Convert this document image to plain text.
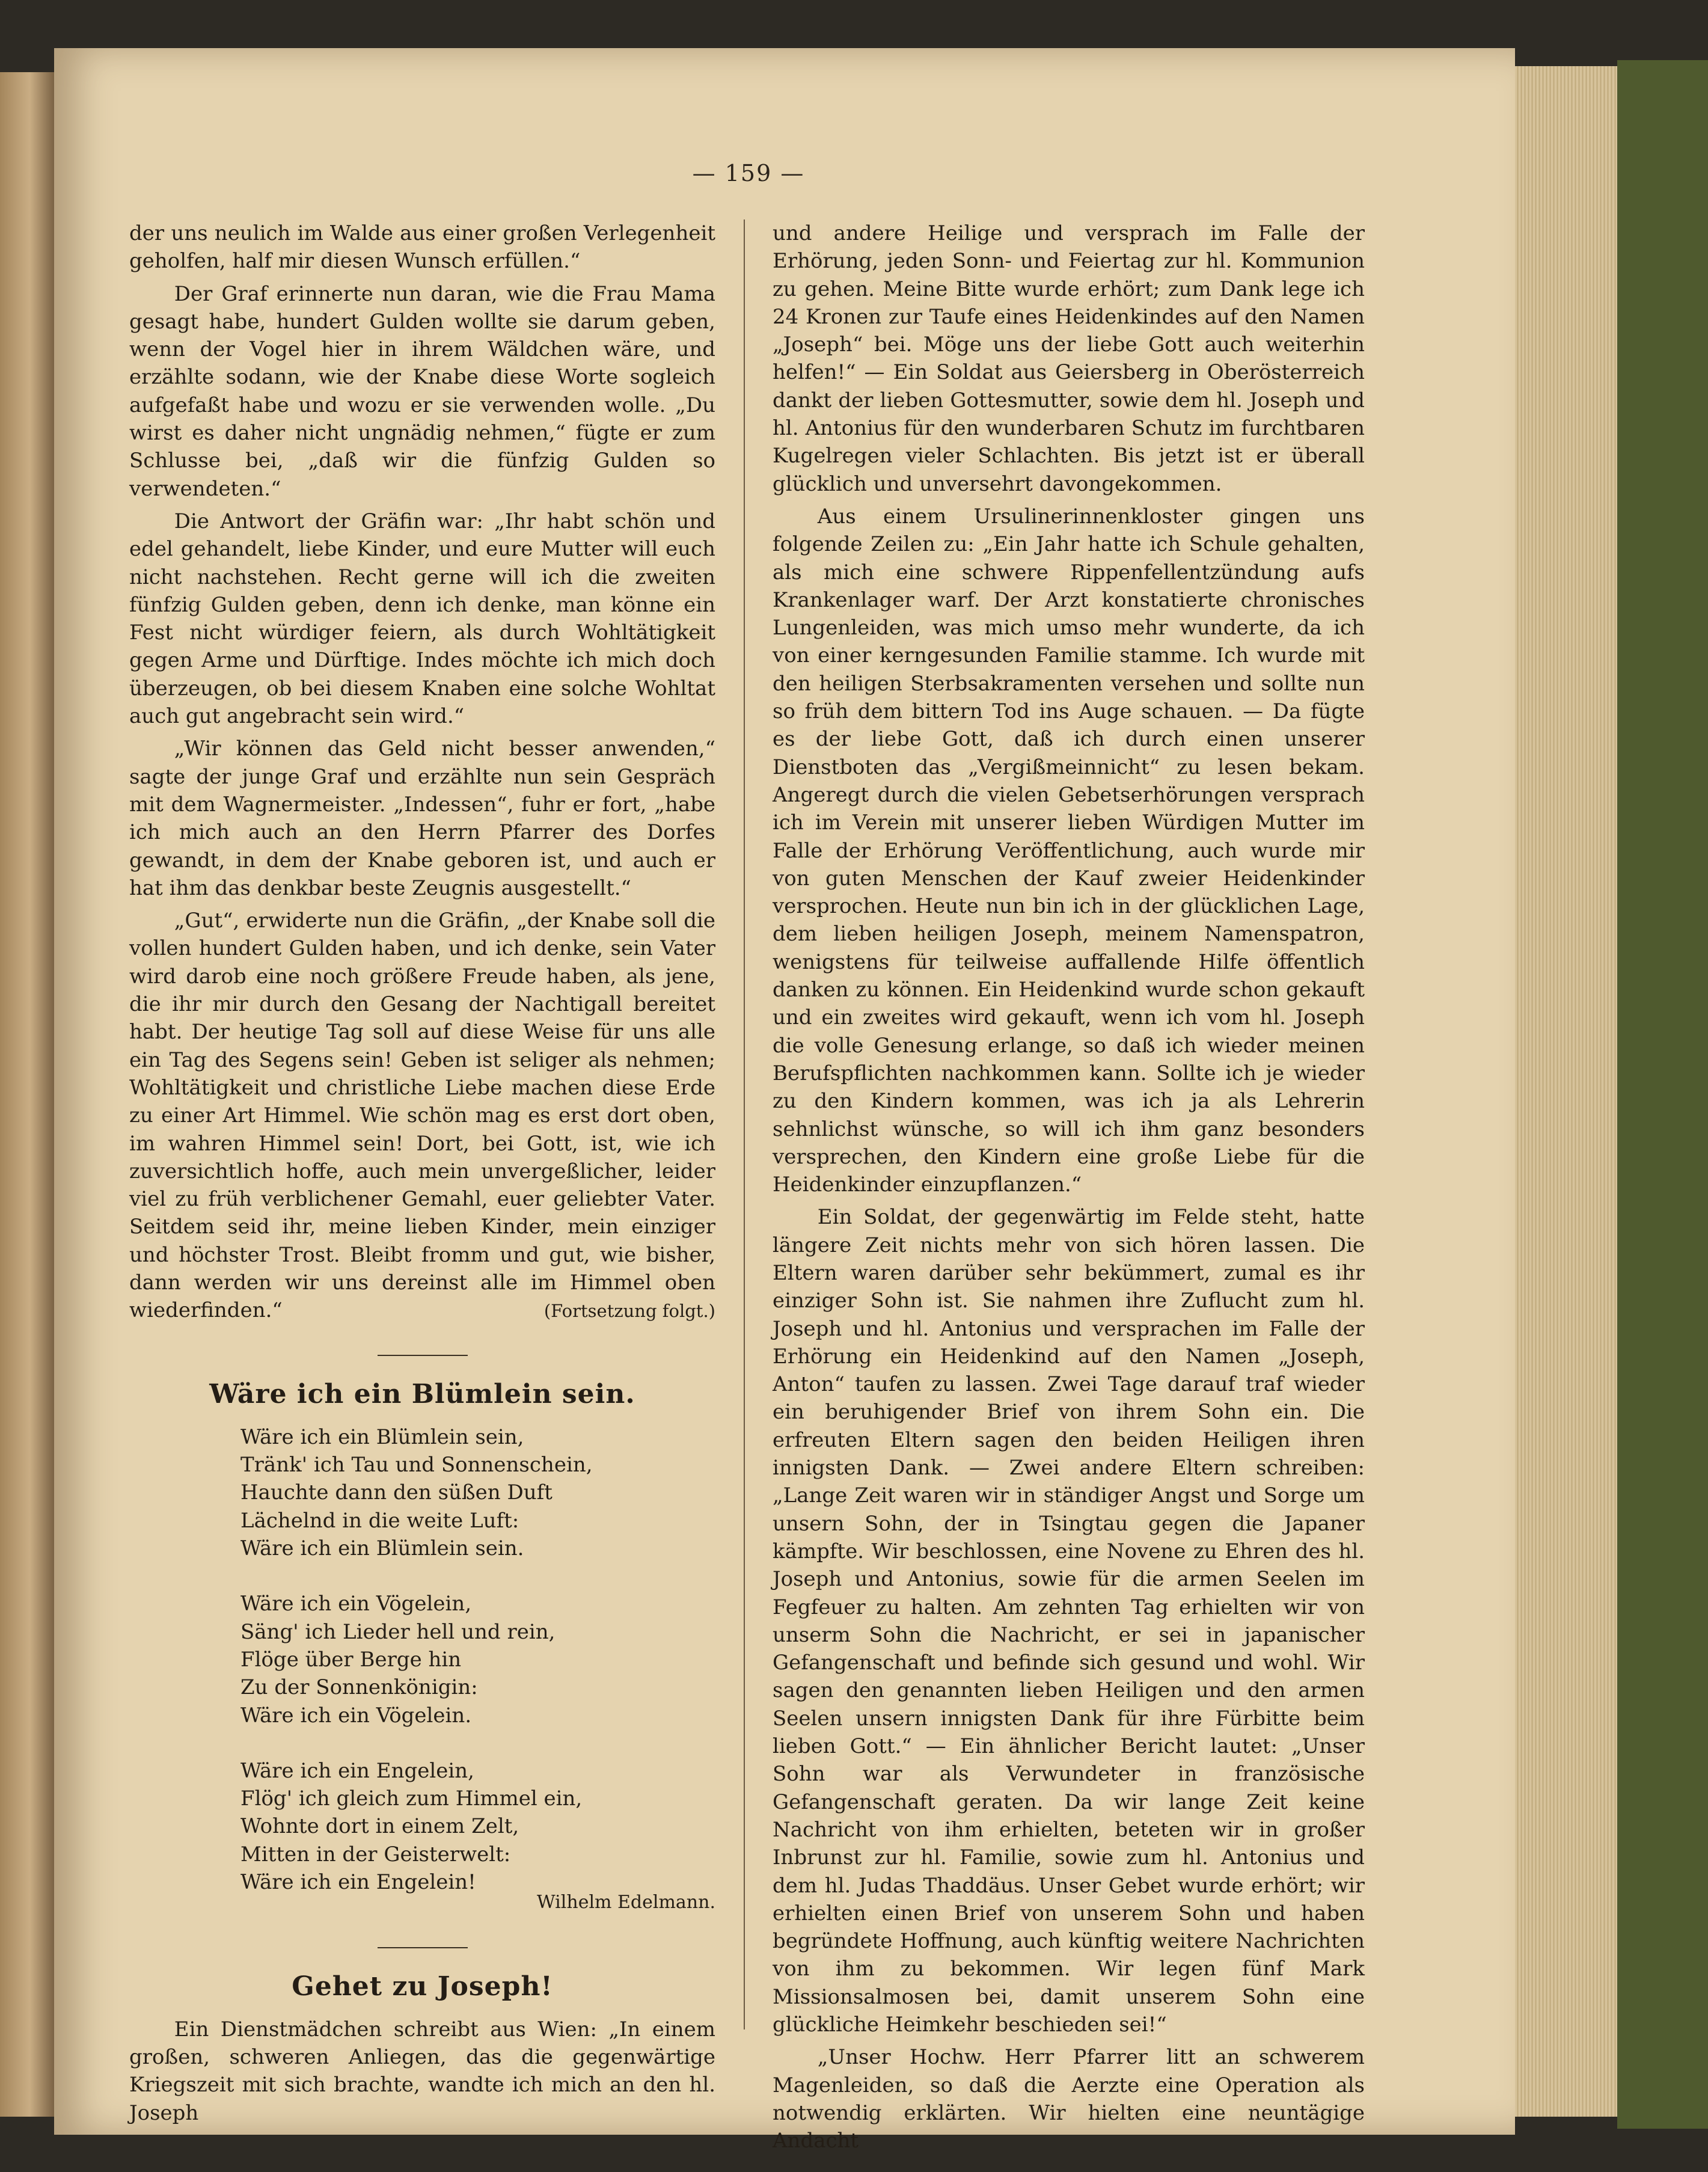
— 159 —

der uns neulich im Walde aus einer großen Verlegenheit geholfen, half mir diesen Wunsch erfüllen.“

Der Graf erinnerte nun daran, wie die Frau Mama gesagt habe, hundert Gulden wollte sie darum geben, wenn der Vogel hier in ihrem Wäldchen wäre, und erzählte sodann, wie der Knabe diese Worte sogleich aufgefaßt habe und wozu er sie verwenden wolle. „Du wirst es daher nicht ungnädig nehmen,“ fügte er zum Schlusse bei, „daß wir die fünfzig Gulden so verwendeten.“

Die Antwort der Gräfin war: „Ihr habt schön und edel gehandelt, liebe Kinder, und eure Mutter will euch nicht nachstehen. Recht gerne will ich die zweiten fünfzig Gulden geben, denn ich denke, man könne ein Fest nicht würdiger feiern, als durch Wohltätigkeit gegen Arme und Dürftige. Indes möchte ich mich doch überzeugen, ob bei diesem Knaben eine solche Wohltat auch gut angebracht sein wird.“

„Wir können das Geld nicht besser anwenden,“ sagte der junge Graf und erzählte nun sein Gespräch mit dem Wagnermeister. „Indessen“, fuhr er fort, „habe ich mich auch an den Herrn Pfarrer des Dorfes gewandt, in dem der Knabe geboren ist, und auch er hat ihm das denkbar beste Zeugnis ausgestellt.“

„Gut“, erwiderte nun die Gräfin, „der Knabe soll die vollen hundert Gulden haben, und ich denke, sein Vater wird darob eine noch größere Freude haben, als jene, die ihr mir durch den Gesang der Nachtigall bereitet habt. Der heutige Tag soll auf diese Weise für uns alle ein Tag des Segens sein! Geben ist seliger als nehmen; Wohltätigkeit und christliche Liebe machen diese Erde zu einer Art Himmel. Wie schön mag es erst dort oben, im wahren Himmel sein! Dort, bei Gott, ist, wie ich zuversichtlich hoffe, auch mein unvergeßlicher, leider viel zu früh verblichener Gemahl, euer geliebter Vater. Seitdem seid ihr, meine lieben Kinder, mein einziger und höchster Trost. Bleibt fromm und gut, wie bisher, dann werden wir uns dereinst alle im Himmel oben wiederfinden.“	(Fortsetzung folgt.)
Wäre ich ein Blümlein sein.
Wäre ich ein Blümlein sein,
Tränk' ich Tau und Sonnenschein,
Hauchte dann den süßen Duft
Lächelnd in die weite Luft:
Wäre ich ein Blümlein sein.
Wäre ich ein Vögelein,
Säng' ich Lieder hell und rein,
Flöge über Berge hin
Zu der Sonnenkönigin:
Wäre ich ein Vögelein.
Wäre ich ein Engelein,
Flög' ich gleich zum Himmel ein,
Wohnte dort in einem Zelt,
Mitten in der Geisterwelt:
Wäre ich ein Engelein!
Wilhelm Edelmann.
Gehet zu Joseph!

Ein Dienstmädchen schreibt aus Wien: „In einem großen, schweren Anliegen, das die gegenwärtige Kriegszeit mit sich brachte, wandte ich mich an den hl. Joseph

und andere Heilige und versprach im Falle der Erhörung, jeden Sonn- und Feiertag zur hl. Kommunion zu gehen. Meine Bitte wurde erhört; zum Dank lege ich 24 Kronen zur Taufe eines Heidenkindes auf den Namen „Joseph“ bei. Möge uns der liebe Gott auch weiterhin helfen!“ — Ein Soldat aus Geiersberg in Oberösterreich dankt der lieben Gottesmutter, sowie dem hl. Joseph und hl. Antonius für den wunderbaren Schutz im furchtbaren Kugelregen vieler Schlachten. Bis jetzt ist er überall glücklich und unversehrt davongekommen.

Aus einem Ursulinerinnenkloster gingen uns folgende Zeilen zu: „Ein Jahr hatte ich Schule gehalten, als mich eine schwere Rippenfellentzündung aufs Krankenlager warf. Der Arzt konstatierte chronisches Lungenleiden, was mich umso mehr wunderte, da ich von einer kerngesunden Familie stamme. Ich wurde mit den heiligen Sterbsakramenten versehen und sollte nun so früh dem bittern Tod ins Auge schauen. — Da fügte es der liebe Gott, daß ich durch einen unserer Dienstboten das „Vergißmeinnicht“ zu lesen bekam. Angeregt durch die vielen Gebetserhörungen versprach ich im Verein mit unserer lieben Würdigen Mutter im Falle der Erhörung Veröffentlichung, auch wurde mir von guten Menschen der Kauf zweier Heidenkinder versprochen. Heute nun bin ich in der glücklichen Lage, dem lieben heiligen Joseph, meinem Namenspatron, wenigstens für teilweise auffallende Hilfe öffentlich danken zu können. Ein Heidenkind wurde schon gekauft und ein zweites wird gekauft, wenn ich vom hl. Joseph die volle Genesung erlange, so daß ich wieder meinen Berufspflichten nachkommen kann. Sollte ich je wieder zu den Kindern kommen, was ich ja als Lehrerin sehnlichst wünsche, so will ich ihm ganz besonders versprechen, den Kindern eine große Liebe für die Heidenkinder einzupflanzen.“

Ein Soldat, der gegenwärtig im Felde steht, hatte längere Zeit nichts mehr von sich hören lassen. Die Eltern waren darüber sehr bekümmert, zumal es ihr einziger Sohn ist. Sie nahmen ihre Zuflucht zum hl. Joseph und hl. Antonius und versprachen im Falle der Erhörung ein Heidenkind auf den Namen „Joseph, Anton“ taufen zu lassen. Zwei Tage darauf traf wieder ein beruhigender Brief von ihrem Sohn ein. Die erfreuten Eltern sagen den beiden Heiligen ihren innigsten Dank. — Zwei andere Eltern schreiben: „Lange Zeit waren wir in ständiger Angst und Sorge um unsern Sohn, der in Tsingtau gegen die Japaner kämpfte. Wir beschlossen, eine Novene zu Ehren des hl. Joseph und Antonius, sowie für die armen Seelen im Fegfeuer zu halten. Am zehnten Tag erhielten wir von unserm Sohn die Nachricht, er sei in japanischer Gefangenschaft und befinde sich gesund und wohl. Wir sagen den genannten lieben Heiligen und den armen Seelen unsern innigsten Dank für ihre Fürbitte beim lieben Gott.“ — Ein ähnlicher Bericht lautet: „Unser Sohn war als Verwundeter in französische Gefangenschaft geraten. Da wir lange Zeit keine Nachricht von ihm erhielten, beteten wir in großer Inbrunst zur hl. Familie, sowie zum hl. Antonius und dem hl. Judas Thaddäus. Unser Gebet wurde erhört; wir erhielten einen Brief von unserem Sohn und haben begründete Hoffnung, auch künftig weitere Nachrichten von ihm zu bekommen. Wir legen fünf Mark Missionsalmosen bei, damit unserem Sohn eine glückliche Heimkehr beschieden sei!“

„Unser Hochw. Herr Pfarrer litt an schwerem Magenleiden, so daß die Aerzte eine Operation als notwendig erklärten. Wir hielten eine neuntägige Andacht
